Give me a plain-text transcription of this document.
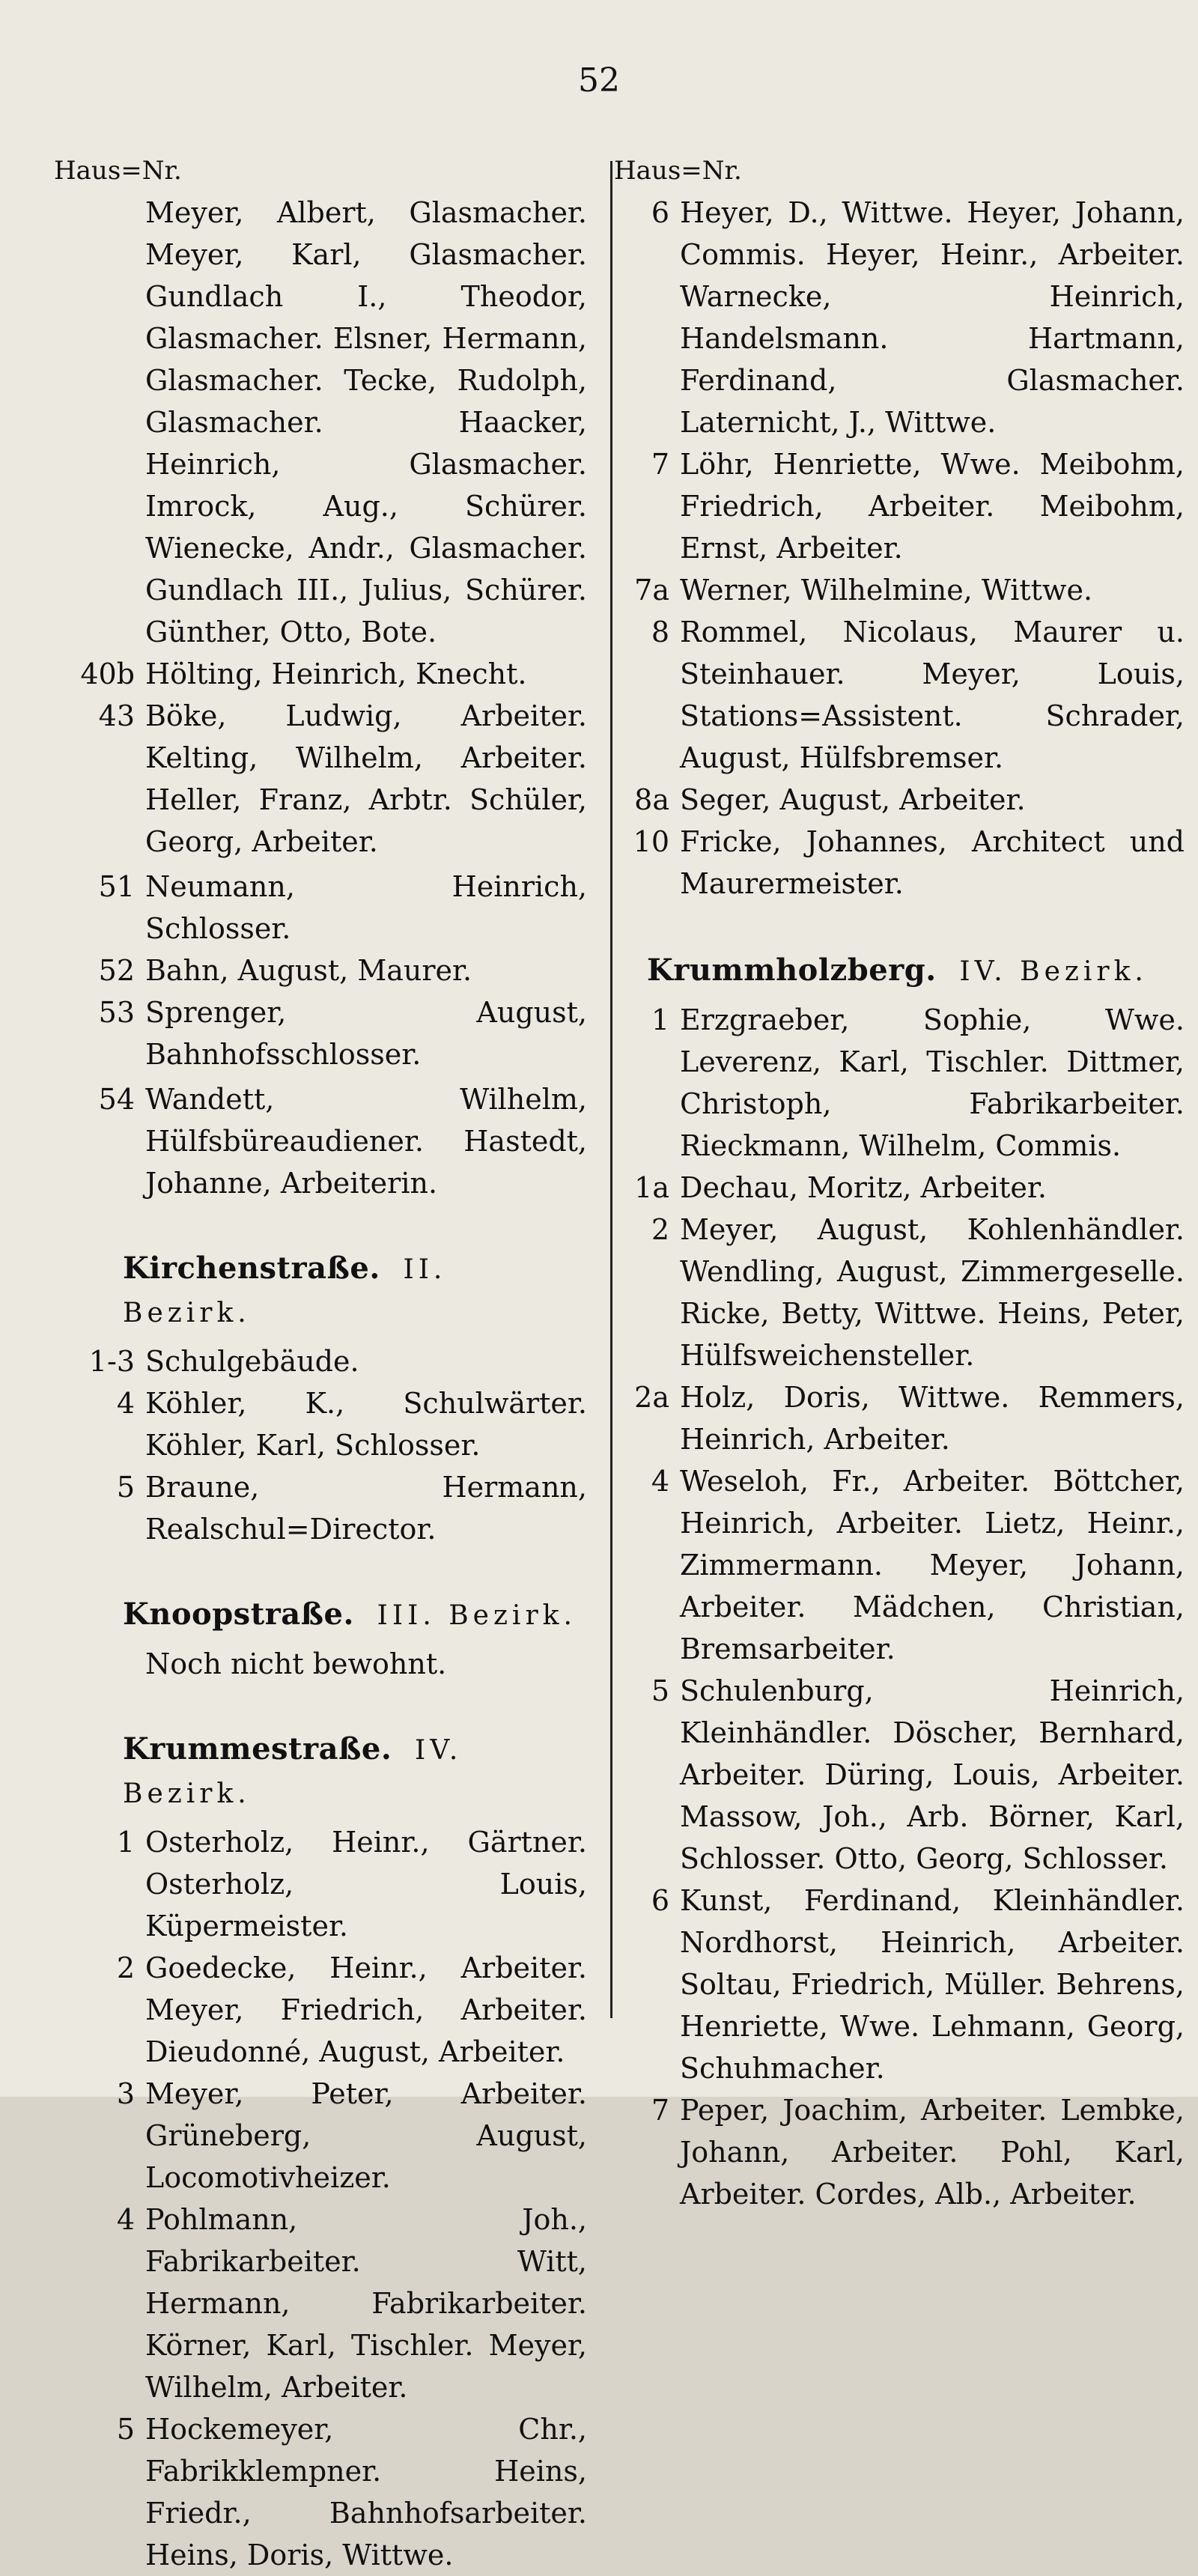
52
Haus=Nr.
Meyer, Albert, Glasmacher. Meyer, Karl, Glasmacher. Gundlach I., Theodor, Glasmacher. Elsner, Hermann, Glasmacher. Tecke, Rudolph, Glasmacher. Haacker, Heinrich, Glasmacher. Imrock, Aug., Schürer. Wienecke, Andr., Glasmacher. Gundlach III., Julius, Schürer. Günther, Otto, Bote.
40b Hölting, Heinrich, Knecht.
43 Böke, Ludwig, Arbeiter. Kelting, Wilhelm, Arbeiter. Heller, Franz, Arbtr. Schüler, Georg, Arbeiter.
51 Neumann, Heinrich, Schlosser.
52 Bahn, August, Maurer.
53 Sprenger, August, Bahnhofsschlosser.
54 Wandett, Wilhelm, Hülfsbüreaudiener. Hastedt, Johanne, Arbeiterin.
Kirchenstraße. II. Bezirk.
1-3 Schulgebäude.
4 Köhler, K., Schulwärter. Köhler, Karl, Schlosser.
5 Braune, Hermann, Realschul=Director.
Knoopstraße. III. Bezirk.
Noch nicht bewohnt.
Krummestraße. IV. Bezirk.
1 Osterholz, Heinr., Gärtner. Osterholz, Louis, Küpermeister.
2 Goedecke, Heinr., Arbeiter. Meyer, Friedrich, Arbeiter. Dieudonné, August, Arbeiter.
3 Meyer, Peter, Arbeiter. Grüneberg, August, Locomotivheizer.
4 Pohlmann, Joh., Fabrikarbeiter. Witt, Hermann, Fabrikarbeiter. Körner, Karl, Tischler. Meyer, Wilhelm, Arbeiter.
5 Hockemeyer, Chr., Fabrikklempner. Heins, Friedr., Bahnhofsarbeiter. Heins, Doris, Wittwe.
Haus=Nr.
6 Heyer, D., Wittwe. Heyer, Johann, Commis. Heyer, Heinr., Arbeiter. Warnecke, Heinrich, Handelsmann. Hartmann, Ferdinand, Glasmacher. Laternicht, J., Wittwe.
7 Löhr, Henriette, Wwe. Meibohm, Friedrich, Arbeiter. Meibohm, Ernst, Arbeiter.
7a Werner, Wilhelmine, Wittwe.
8 Rommel, Nicolaus, Maurer u. Steinhauer. Meyer, Louis, Stations=Assistent. Schrader, August, Hülfsbremser.
8a Seger, August, Arbeiter.
10 Fricke, Johannes, Architect und Maurermeister.
Krummholzberg. IV. Bezirk.
1 Erzgraeber, Sophie, Wwe. Leverenz, Karl, Tischler. Dittmer, Christoph, Fabrikarbeiter. Rieckmann, Wilhelm, Commis.
1a Dechau, Moritz, Arbeiter.
2 Meyer, August, Kohlenhändler. Wendling, August, Zimmergeselle. Ricke, Betty, Wittwe. Heins, Peter, Hülfsweichensteller.
2a Holz, Doris, Wittwe. Remmers, Heinrich, Arbeiter.
4 Weseloh, Fr., Arbeiter. Böttcher, Heinrich, Arbeiter. Lietz, Heinr., Zimmermann. Meyer, Johann, Arbeiter. Mädchen, Christian, Bremsarbeiter.
5 Schulenburg, Heinrich, Kleinhändler. Döscher, Bernhard, Arbeiter. Düring, Louis, Arbeiter. Massow, Joh., Arb. Börner, Karl, Schlosser. Otto, Georg, Schlosser.
6 Kunst, Ferdinand, Kleinhändler. Nordhorst, Heinrich, Arbeiter. Soltau, Friedrich, Müller. Behrens, Henriette, Wwe. Lehmann, Georg, Schuhmacher.
7 Peper, Joachim, Arbeiter. Lembke, Johann, Arbeiter. Pohl, Karl, Arbeiter. Cordes, Alb., Arbeiter.
